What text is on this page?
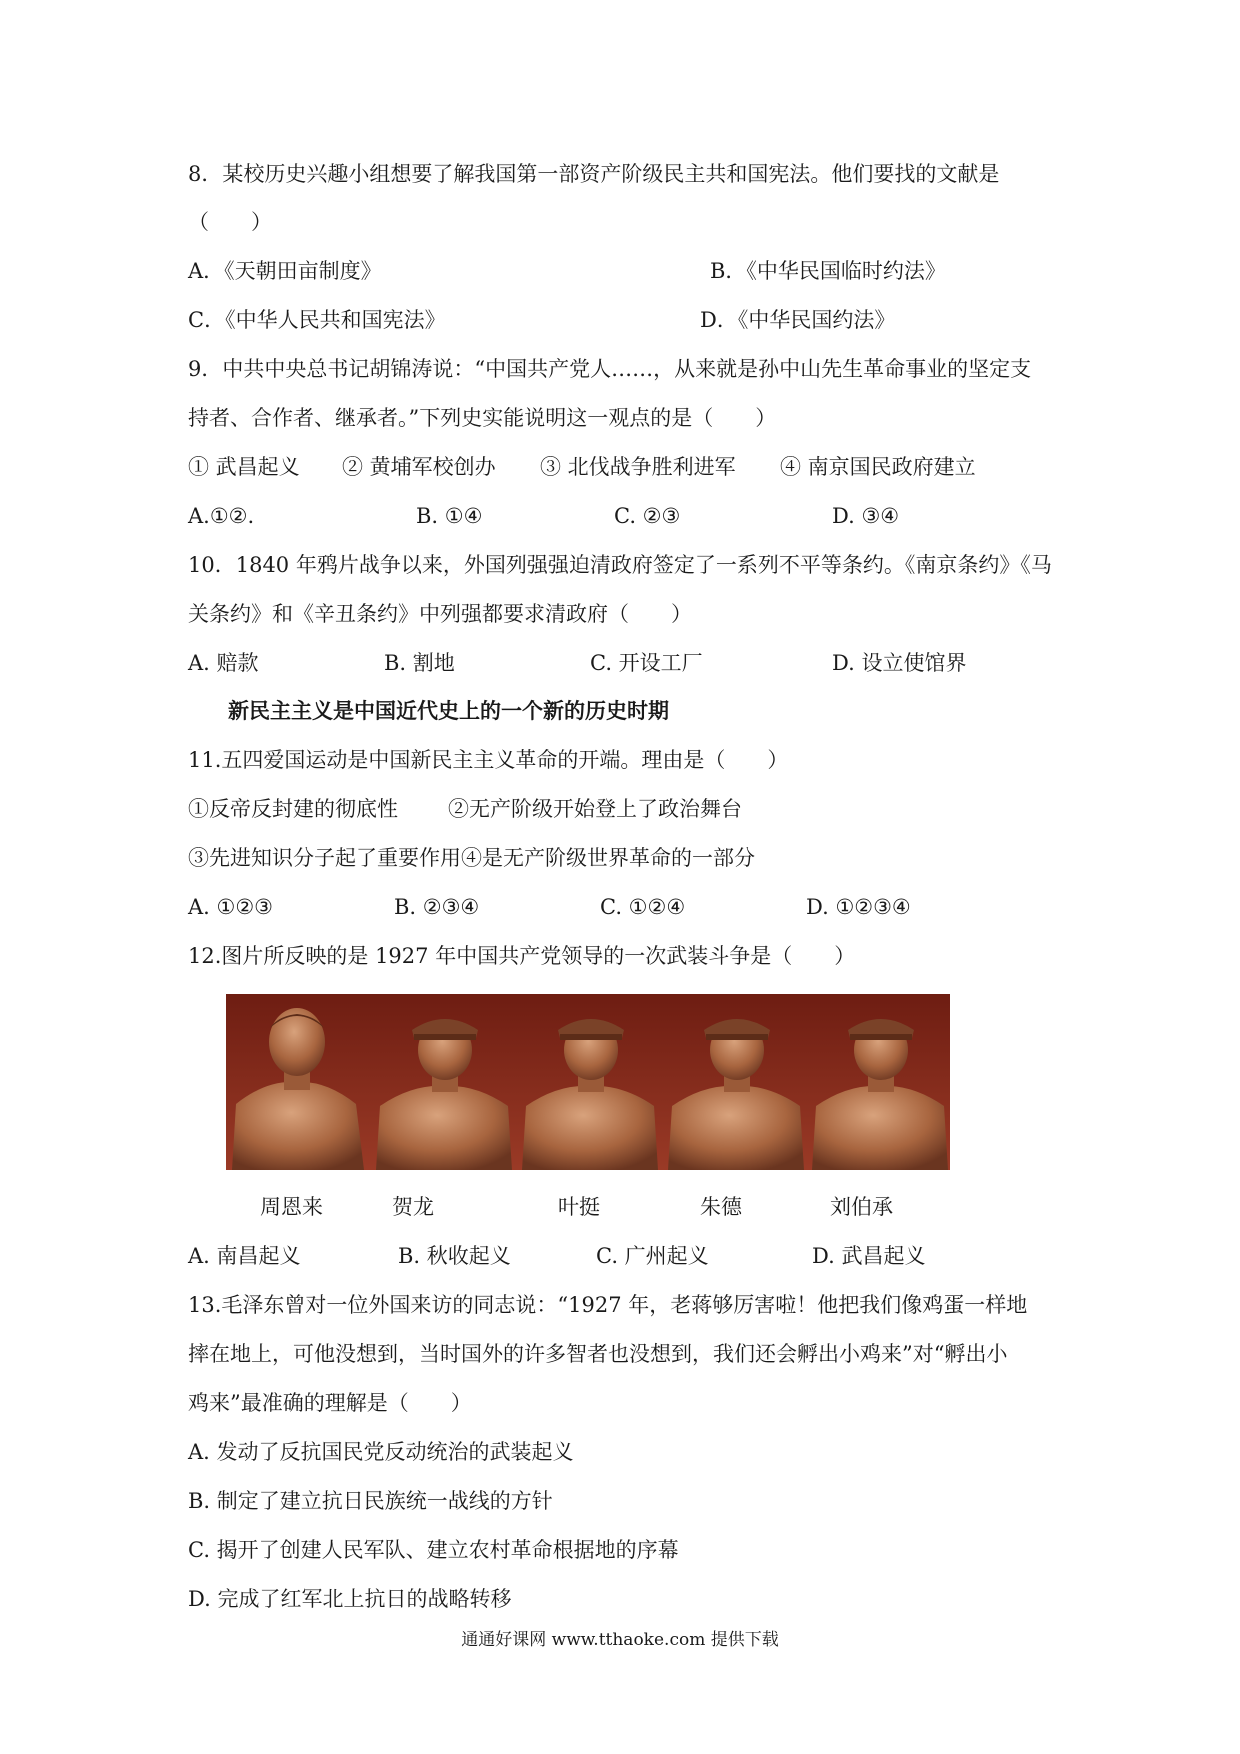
8．某校历史兴趣小组想要了解我国第一部资产阶级民主共和国宪法。他们要找的文献是
（　　）
A．《天朝田亩制度》	B．《中华民国临时约法》
C．《中华人民共和国宪法》	D．《中华民国约法》
9．中共中央总书记胡锦涛说：“中国共产党人……，从来就是孙中山先生革命事业的坚定支
持者、合作者、继承者。”下列史实能说明这一观点的是（　　）
① 武昌起义 ② 黄埔军校创办 ③ 北伐战争胜利进军 ④ 南京国民政府建立
A.①②.	B. ①④	C. ②③	D. ③④
10．1840 年鸦片战争以来，外国列强强迫清政府签定了一系列不平等条约。《南京条约》《马
关条约》和《辛丑条约》中列强都要求清政府（　　）
A. 赔款	B. 割地	C. 开设工厂	D. 设立使馆界
新民主主义是中国近代史上的一个新的历史时期
11.五四爱国运动是中国新民主主义革命的开端。理由是（　　）
①反帝反封建的彻底性 ②无产阶级开始登上了政治舞台
③先进知识分子起了重要作用④是无产阶级世界革命的一部分
A. ①②③	B. ②③④	C. ①②④	D. ①②③④
12.图片所反映的是 1927 年中国共产党领导的一次武装斗争是（　　）
周恩来	贺龙	叶挺	朱德	刘伯承
A. 南昌起义	B. 秋收起义	C. 广州起义	D. 武昌起义
13.毛泽东曾对一位外国来访的同志说：“1927 年，老蒋够厉害啦！他把我们像鸡蛋一样地
摔在地上，可他没想到，当时国外的许多智者也没想到，我们还会孵出小鸡来”对“孵出小
鸡来”最准确的理解是（　　）
A. 发动了反抗国民党反动统治的武装起义
B. 制定了建立抗日民族统一战线的方针
C. 揭开了创建人民军队、建立农村革命根据地的序幕
D. 完成了红军北上抗日的战略转移
通通好课网 www.tthaoke.com 提供下载
